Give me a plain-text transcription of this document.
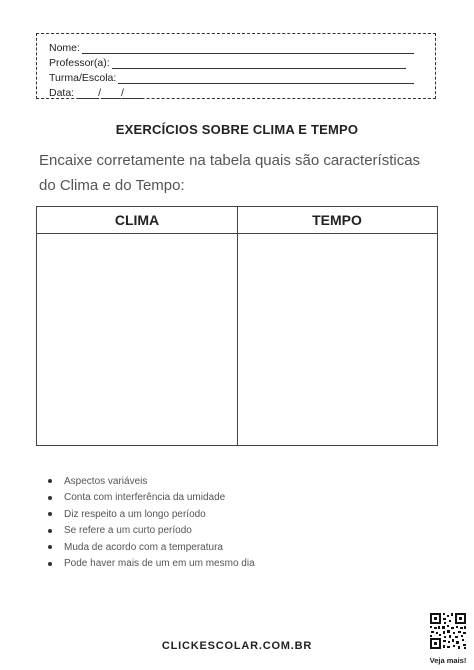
Nome:
Professor(a):
Turma/Escola:
Data: / /
EXERCÍCIOS SOBRE CLIMA E TEMPO
Encaixe corretamente na tabela quais são características do Clima e do Tempo:
CLIMA	TEMPO
Aspectos variáveis
Conta com interferência da umidade
Diz respeito a um longo período
Se refere a um curto período
Muda de acordo com a temperatura
Pode haver mais de um em um mesmo dia
CLICKESCOLAR.COM.BR
Veja mais!
